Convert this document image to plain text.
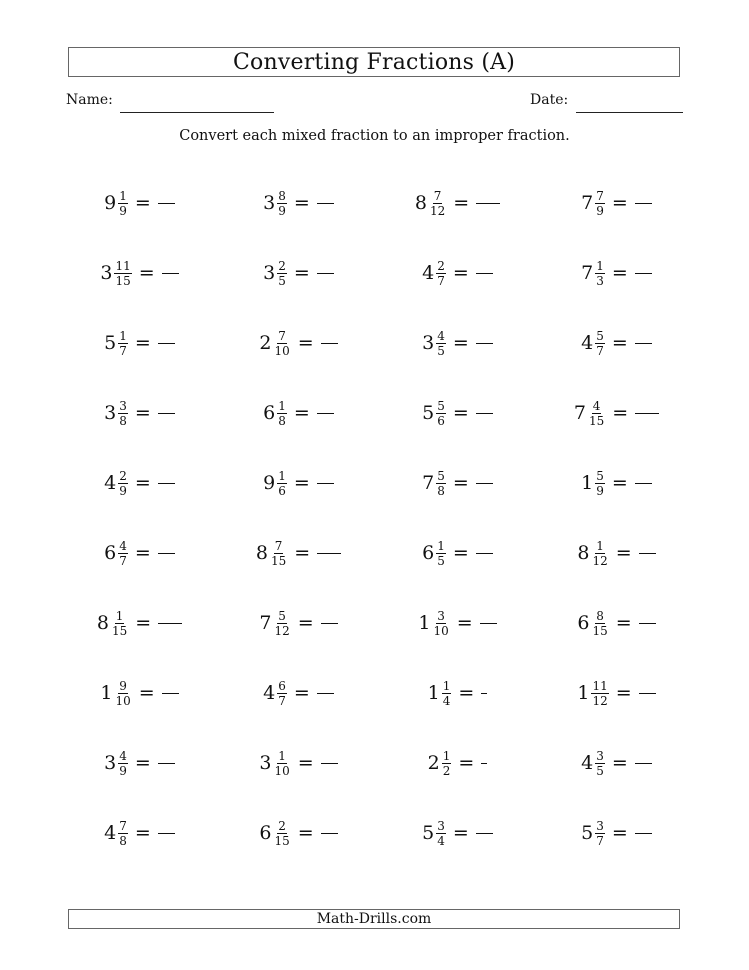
Converting Fractions (A)
Name:	Date:
Convert each mixed fraction to an improper fraction.
$9 \frac{1}{9}$ =	$3 \frac{8}{9}$ =	$8 \frac{7}{12}$ =	$7 \frac{7}{9}$ =
$3 \frac{11}{15}$ =	$3 \frac{2}{5}$ =	$4 \frac{2}{7}$ =	$7 \frac{1}{3}$ =
$5 \frac{1}{7}$ =	$2 \frac{7}{10}$ =	$3 \frac{4}{5}$ =	$4 \frac{5}{7}$ =
$3 \frac{3}{8}$ =	$6 \frac{1}{8}$ =	$5 \frac{5}{6}$ =	$7 \frac{4}{15}$ =
$4 \frac{2}{9}$ =	$9 \frac{1}{6}$ =	$7 \frac{5}{8}$ =	$1 \frac{5}{9}$ =
$6 \frac{4}{7}$ =	$8 \frac{7}{15}$ =	$6 \frac{1}{5}$ =	$8 \frac{1}{12}$ =
$8 \frac{1}{15}$ =	$7 \frac{5}{12}$ =	$1 \frac{3}{10}$ =	$6 \frac{8}{15}$ =
$1 \frac{9}{10}$ =	$4 \frac{6}{7}$ =	$1 \frac{1}{4}$ =	$1 \frac{11}{12}$ =
$3 \frac{4}{9}$ =	$3 \frac{1}{10}$ =	$2 \frac{1}{2}$ =	$4 \frac{3}{5}$ =
$4 \frac{7}{8}$ =	$6 \frac{2}{15}$ =	$5 \frac{3}{4}$ =	$5 \frac{3}{7}$ =
Math-Drills.com
